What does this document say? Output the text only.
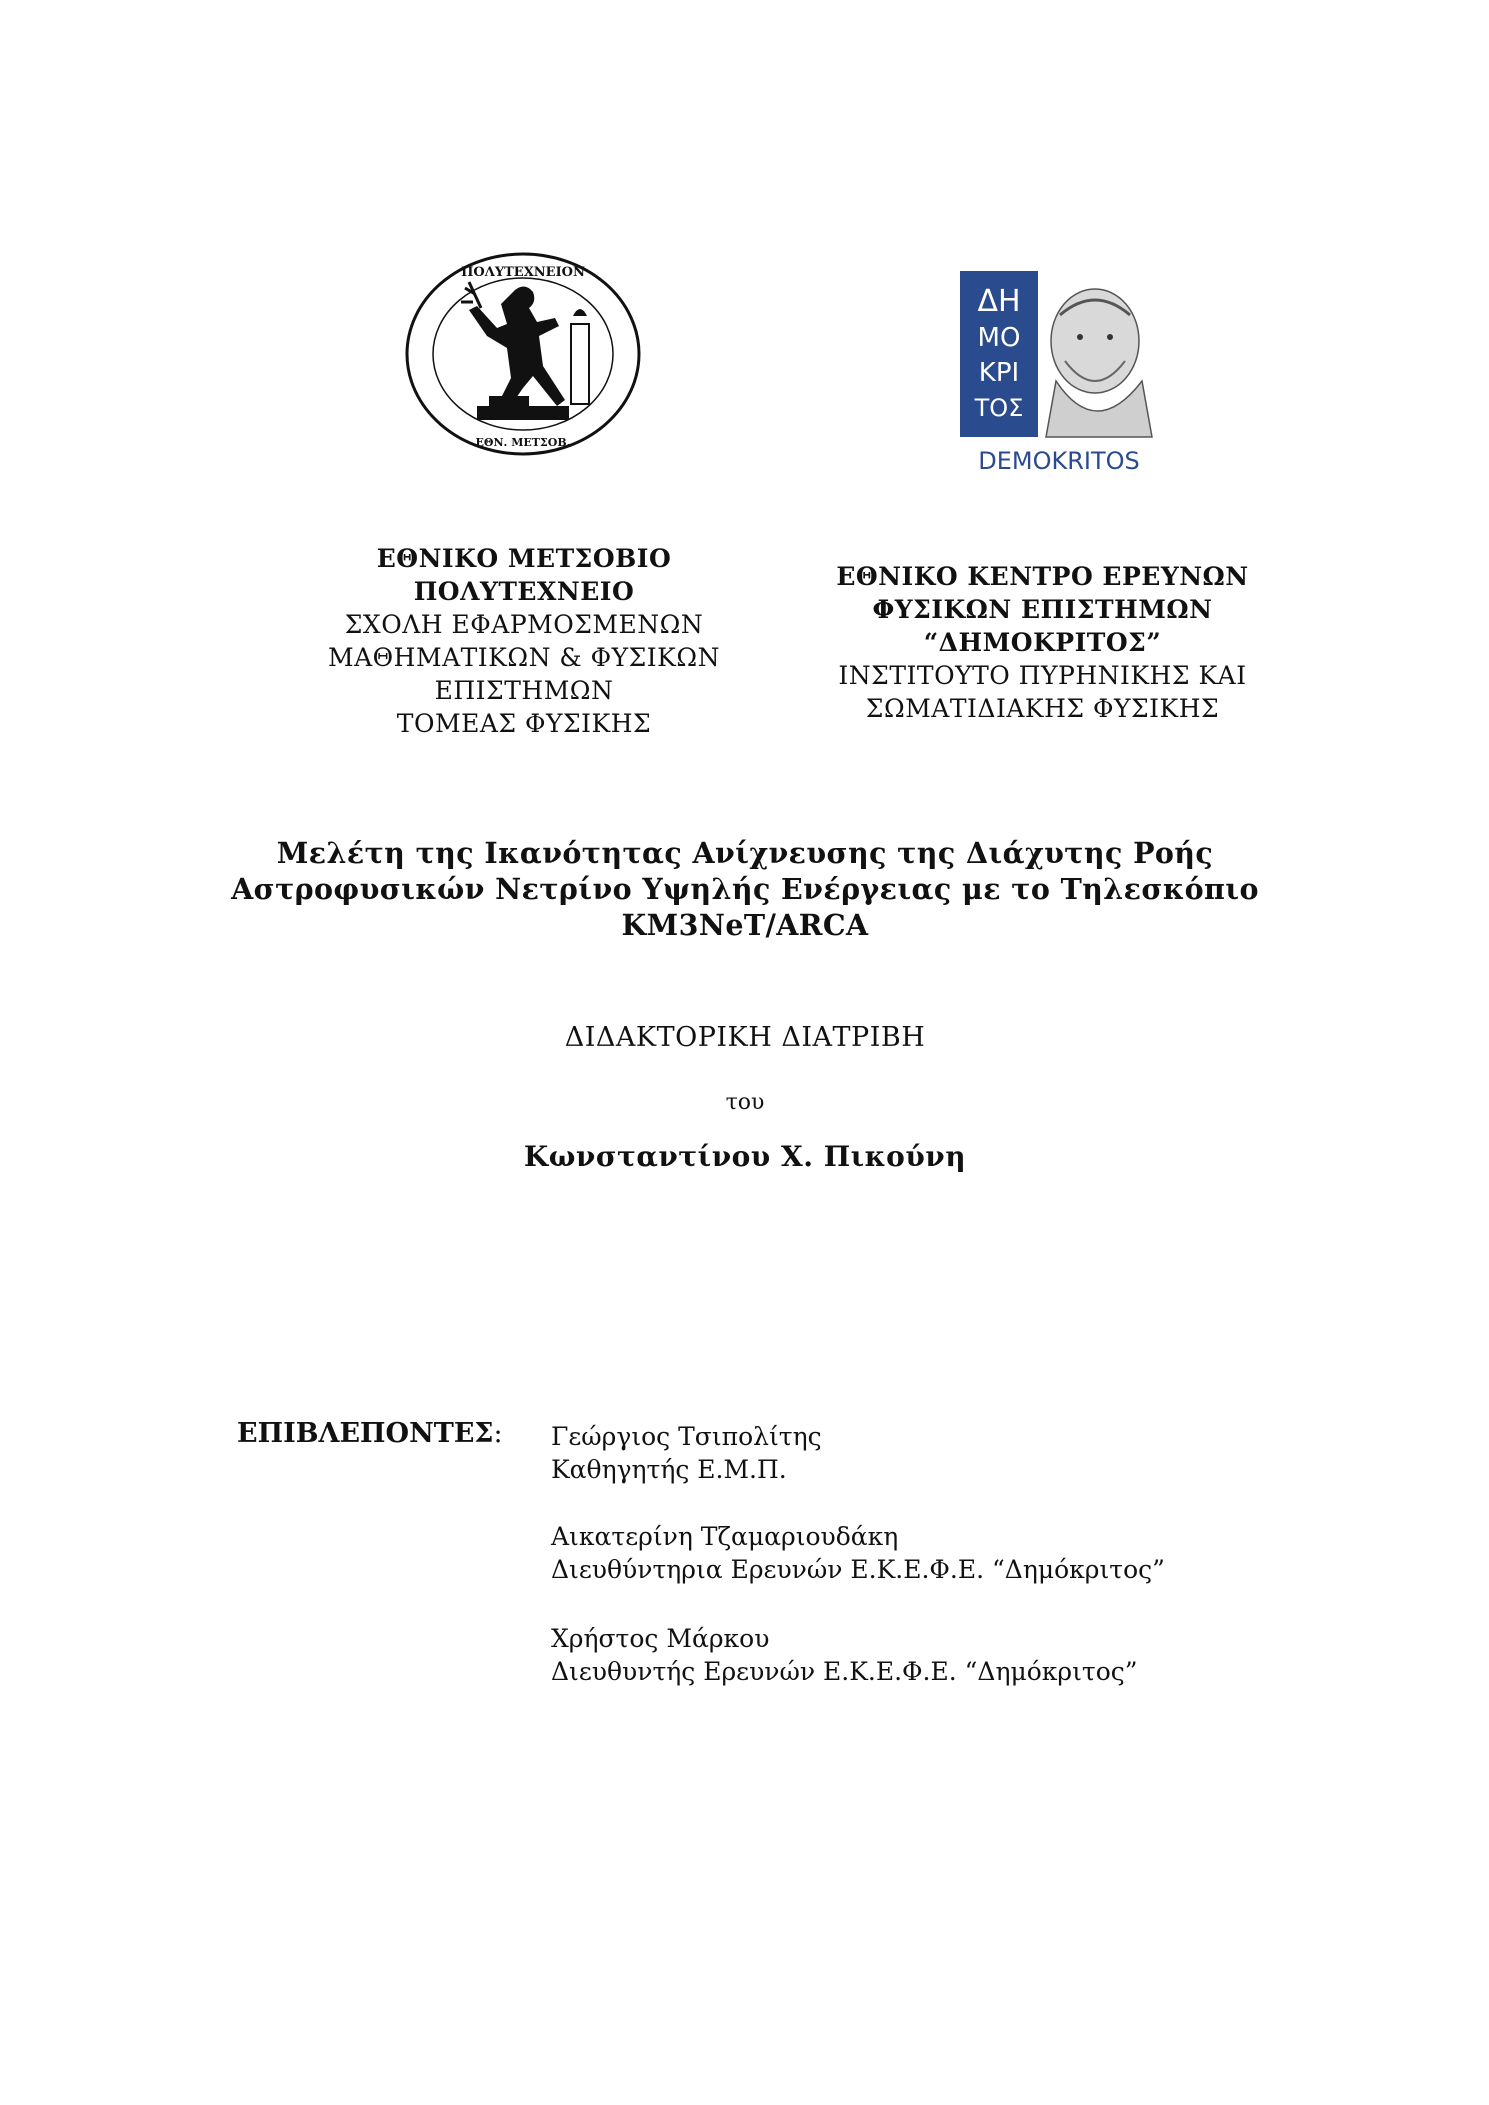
ΠΟΛΥΤΕΧΝΕΙΟΝ
ΕΘΝ. ΜΕΤΣΟΒ.
ΔΗ
ΜΟ
ΚΡΙ
ΤΟΣ
DEMOKRITOS
ΕΘΝΙΚΟ ΜΕΤΣΟΒΙΟ
ΠΟΛΥΤΕΧΝΕΙΟ
ΣΧΟΛΗ ΕΦΑΡΜΟΣΜΕΝΩΝ
ΜΑΘΗΜΑΤΙΚΩΝ & ΦΥΣΙΚΩΝ
ΕΠΙΣΤΗΜΩΝ
ΤΟΜΕΑΣ ΦΥΣΙΚΗΣ
ΕΘΝΙΚΟ ΚΕΝΤΡΟ ΕΡΕΥΝΩΝ
ΦΥΣΙΚΩΝ ΕΠΙΣΤΗΜΩΝ
“ΔΗΜΟΚΡΙΤΟΣ”
ΙΝΣΤΙΤΟΥΤΟ ΠΥΡΗΝΙΚΗΣ ΚΑΙ
ΣΩΜΑΤΙΔΙΑΚΗΣ ΦΥΣΙΚΗΣ
Μελέτη της Ικανότητας Ανίχνευσης της Διάχυτης Ροής
Αστροφυσικών Νετρίνο Υψηλής Ενέργειας με το Τηλεσκόπιο
KM3NeT/ARCA
ΔΙΔΑΚΤΟΡΙΚΗ ΔΙΑΤΡΙΒΗ
του
Κωνσταντίνου Χ. Πικούνη
ΕΠΙΒΛΕΠΟΝΤΕΣ: Γεώργιος Τσιπολίτης
Καθηγητής Ε.Μ.Π.
Αικατερίνη Τζαμαριουδάκη
Διευθύντηρια Ερευνών Ε.Κ.Ε.Φ.Ε. “Δημόκριτος”
Χρήστος Μάρκου
Διευθυντής Ερευνών Ε.Κ.Ε.Φ.Ε. “Δημόκριτος”
